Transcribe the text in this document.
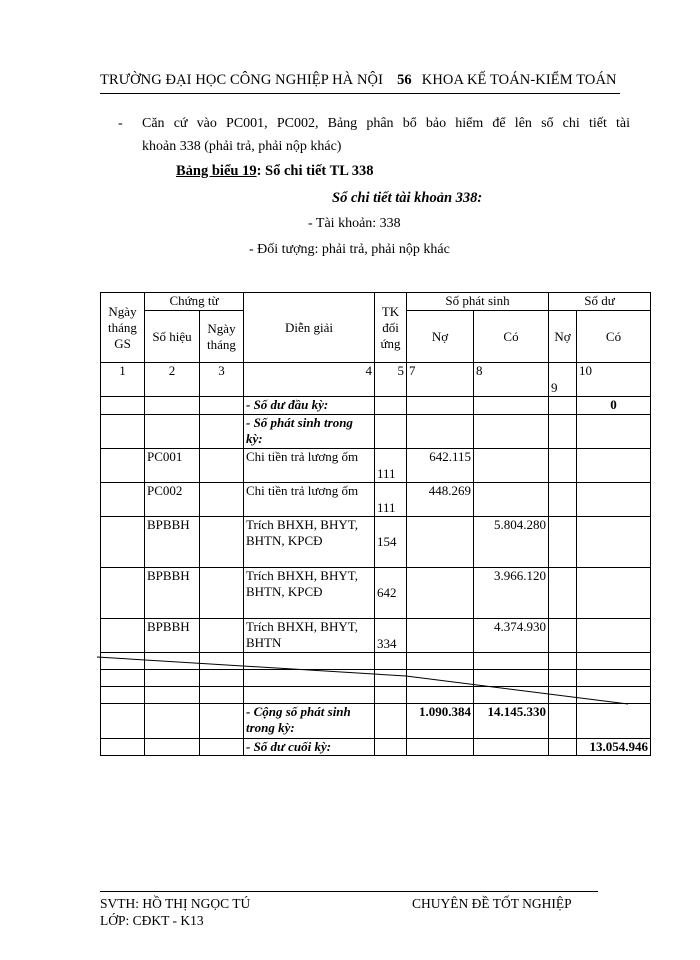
TRƯỜNG ĐẠI HỌC CÔNG NGHIỆP HÀ NỘI 56 KHOA KẾ TOÁN-KIỂM TOÁN
- Căn cứ vào PC001, PC002, Bảng phân bổ bảo hiểm để lên sổ chi tiết tài
khoản 338 (phải trả, phải nộp khác)
Bảng biểu 19: Sổ chi tiết TL 338
Sổ chi tiết tài khoản 338:
- Tài khoản: 338
- Đối tượng: phải trả, phải nộp khác
Ngày tháng GS	Chứng từ		Diễn giải	TK đối ứng	Số phát sinh		Số dư	
	Số hiệu	Ngày tháng			Nợ	Có	Nợ	Có
1	2	3	4	5	7	8	9	10
			- Số dư đầu kỳ:					0
			- Số phát sinh trong kỳ:					
	PC001		Chi tiền trả lương ốm	111	642.115			
	PC002		Chi tiền trả lương ốm	111	448.269			
	BPBBH		Trích BHXH, BHYT, BHTN, KPCĐ	154		5.804.280		
	BPBBH		Trích BHXH, BHYT, BHTN, KPCĐ	642		3.966.120		
	BPBBH		Trích BHXH, BHYT, BHTN	334		4.374.930		

			- Cộng số phát sinh trong kỳ:		1.090.384	14.145.330		
			- Số dư cuối kỳ:					13.054.946
SVTH: HỒ THỊ NGỌC TÚ
LỚP: CĐKT - K13
CHUYÊN ĐỀ TỐT NGHIỆP
